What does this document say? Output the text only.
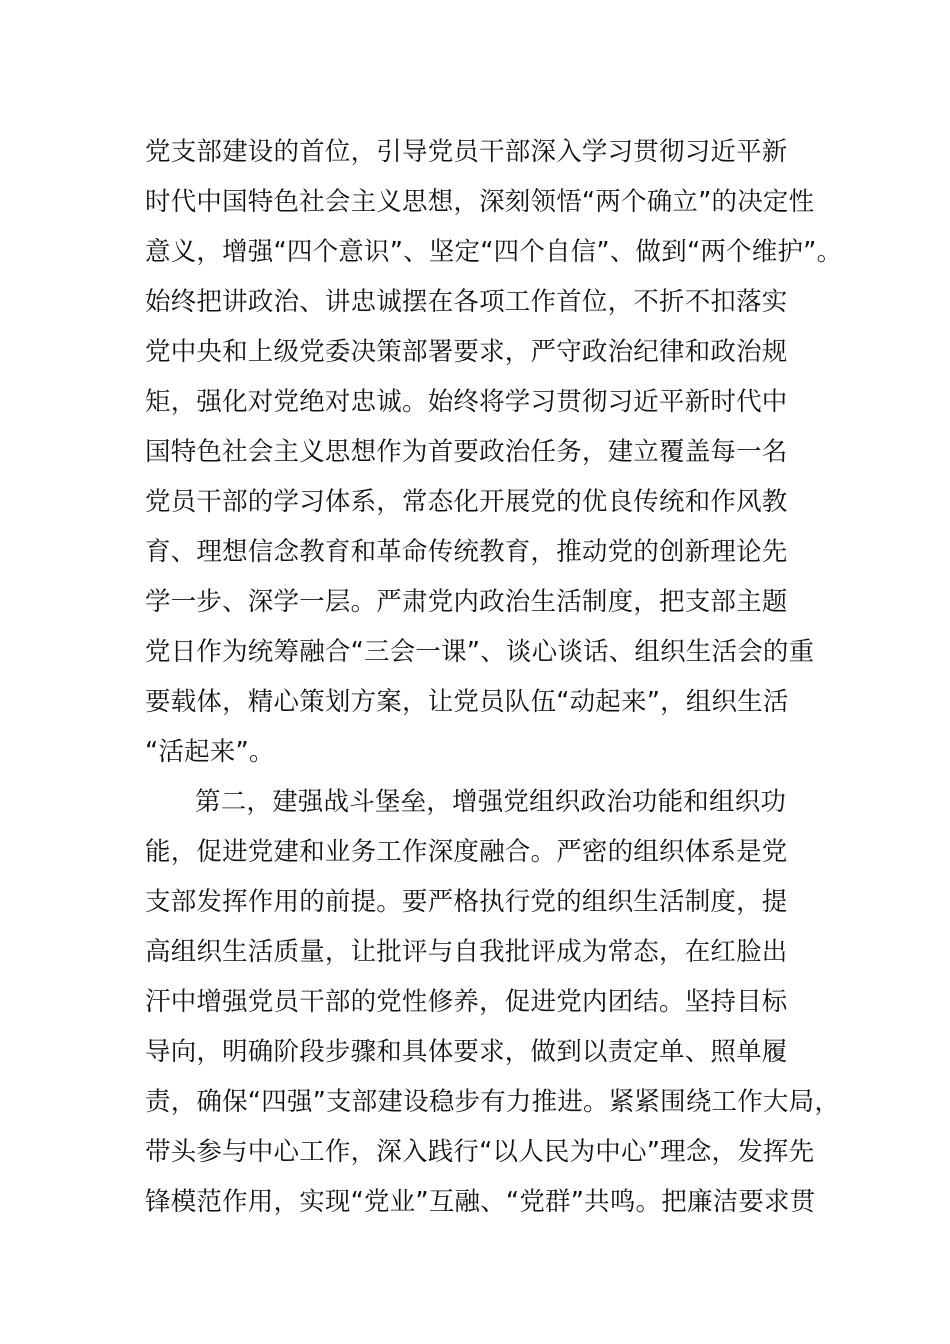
党支部建设的首位，引导党员干部深入学习贯彻习近平新
时代中国特色社会主义思想，深刻领悟“两个确立”的决定性
意义，增强“四个意识”、坚定“四个自信”、做到“两个维护”。
始终把讲政治、讲忠诚摆在各项工作首位，不折不扣落实
党中央和上级党委决策部署要求，严守政治纪律和政治规
矩，强化对党绝对忠诚。始终将学习贯彻习近平新时代中
国特色社会主义思想作为首要政治任务，建立覆盖每一名
党员干部的学习体系，常态化开展党的优良传统和作风教
育、理想信念教育和革命传统教育，推动党的创新理论先
学一步、深学一层。严肃党内政治生活制度，把支部主题
党日作为统筹融合“三会一课”、谈心谈话、组织生活会的重
要载体，精心策划方案，让党员队伍“动起来”，组织生活
“活起来”。
第二，建强战斗堡垒，增强党组织政治功能和组织功
能，促进党建和业务工作深度融合。严密的组织体系是党
支部发挥作用的前提。要严格执行党的组织生活制度，提
高组织生活质量，让批评与自我批评成为常态，在红脸出
汗中增强党员干部的党性修养，促进党内团结。坚持目标
导向，明确阶段步骤和具体要求，做到以责定单、照单履
责，确保“四强”支部建设稳步有力推进。紧紧围绕工作大局，
带头参与中心工作，深入践行“以人民为中心”理念，发挥先
锋模范作用，实现“党业”互融、“党群”共鸣。把廉洁要求贯
